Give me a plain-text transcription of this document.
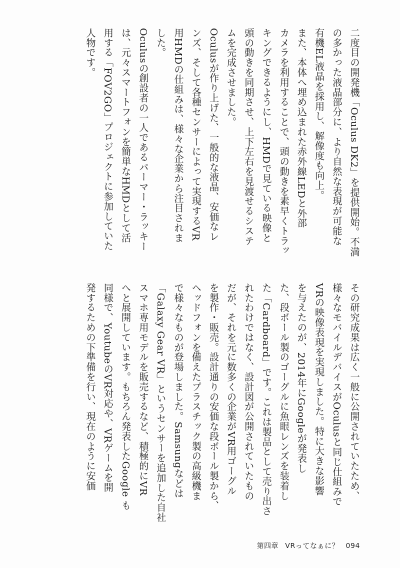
二度目の開発機「Oculus DK2」を提供開始。不満

の多かった液晶部分に、より自然な表現が可能な

有機EL液晶を採用し、解像度も向上。

また、本体へ埋め込まれた赤外線LEDと外部

カメラを利用することで、頭の動きを素早くトラッ

キングできるようにし、HMDで見ている映像と

頭の動きを同期させ、上下左右を見渡せるシステ

ムを完成させました。

Oculusが作り上げた、一般的な液晶、安価なレ

ンズ、そして各種センサーによって実現するVR

用HMDの仕組みは、様々な企業から注目されま

した。

Oculusの創設者の一人であるパーマー・ラッキー

は、元々スマートフォンを簡単なHMDとして活

用する「FOV2GO」プロジェクトに参加していた

人物です。

その研究成果は広く一般に公開されていたため、

様々なモバイルデバイスがOculusと同じ仕組みで

VRの映像表現を実現しました。特に大きな影響

を与えたのが、2014年にGoogleが発表し

た、段ボール製のゴーグルに魚眼レンズを装着し

た「Cardboard」です。これは製品として売り出さ

れたわけではなく、設計図が公開されていたもの

だが、それを元に数多くの企業がVR用ゴーグル

を製作・販売。設計通りの安価な段ボール製から、

ヘッドフォンを備えたプラスチック製の高級機ま

で様々なものが登場しました。Samsungなどは

「Galaxy Gear VR」というセンサーを追加した自社

スマホ専用モデルを販売するなど、積極的にVR

へと展開しています。もちろん発表したGoogle も

同様で、YoutubeのVR対応や、VRゲームを開

発するための下準備を行い、現在のように安価

第四章 VRってなぁに？ 094
